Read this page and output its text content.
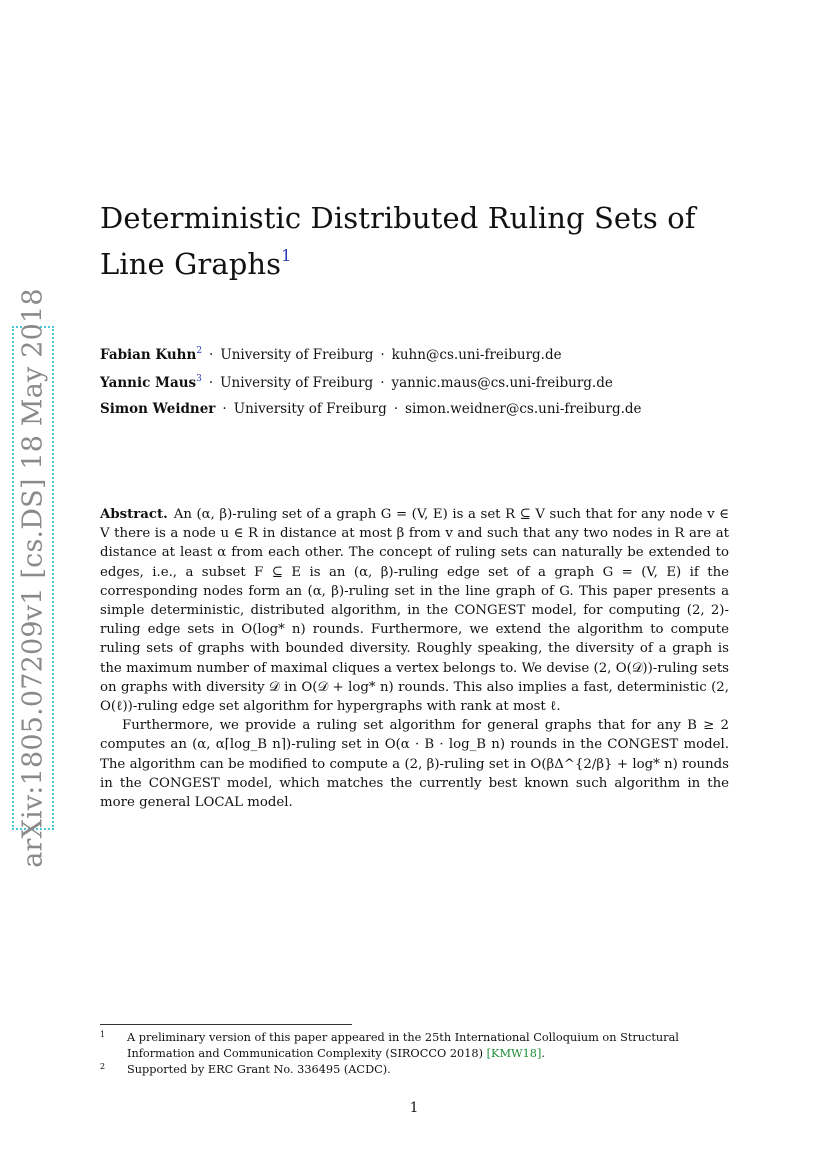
arXiv:1805.07209v1 [cs.DS] 18 May 2018
Deterministic Distributed Ruling Sets of
Line Graphs$^1$
Fabian Kuhn$^2$ · University of Freiburg · kuhn@cs.uni-freiburg.de
Yannic Maus$^3$ · University of Freiburg · yannic.maus@cs.uni-freiburg.de
Simon Weidner · University of Freiburg · simon.weidner@cs.uni-freiburg.de

Abstract. An (α, β)-ruling set of a graph G = (V, E) is a set R ⊆ V such that for any node v ∈ V there is a node u ∈ R in distance at most β from v and such that any two nodes in R are at distance at least α from each other. The concept of ruling sets can naturally be extended to edges, i.e., a subset F ⊆ E is an (α, β)-ruling edge set of a graph G = (V, E) if the corresponding nodes form an (α, β)-ruling set in the line graph of G. This paper presents a simple deterministic, distributed algorithm, in the CONGEST model, for computing (2, 2)-ruling edge sets in O(log* n) rounds. Furthermore, we extend the algorithm to compute ruling sets of graphs with bounded diversity. Roughly speaking, the diversity of a graph is the maximum number of maximal cliques a vertex belongs to. We devise (2, O(𝒟))-ruling sets on graphs with diversity 𝒟 in O(𝒟 + log* n) rounds. This also implies a fast, deterministic (2, O(ℓ))-ruling edge set algorithm for hypergraphs with rank at most ℓ.

Furthermore, we provide a ruling set algorithm for general graphs that for any B ≥ 2 computes an (α, α⌈log_B n⌉)-ruling set in O(α · B · log_B n) rounds in the CONGEST model. The algorithm can be modified to compute a (2, β)-ruling set in O(βΔ^{2/β} + log* n) rounds in the CONGEST model, which matches the currently best known such algorithm in the more general LOCAL model.

1 A preliminary version of this paper appeared in the 25th International Colloquium on Structural Information and Communication Complexity (SIROCCO 2018) [KMW18].
2 Supported by ERC Grant No. 336495 (ACDC).
1
